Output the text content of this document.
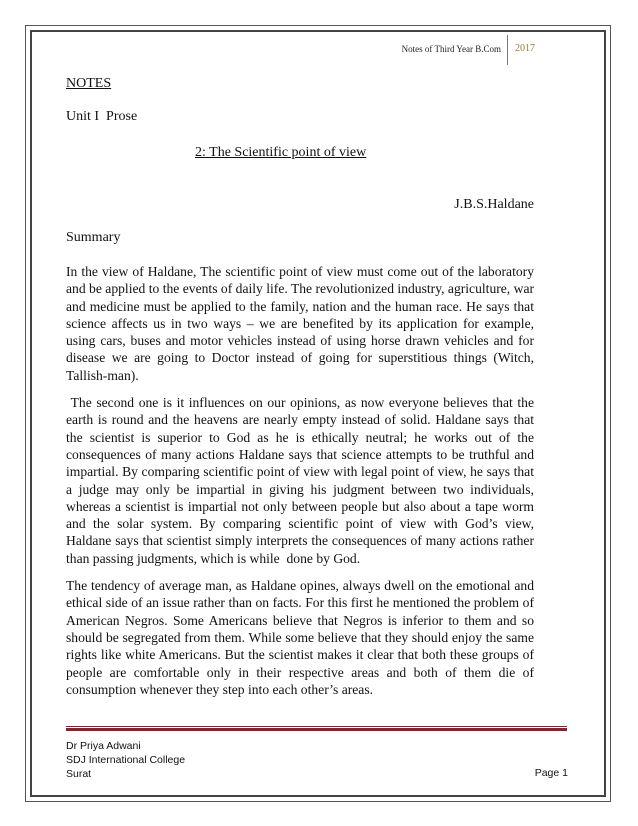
Notes of Third Year B.Com 2017
NOTES
Unit I  Prose
2: The Scientific point of view
J.B.S.Haldane
Summary

In the view of Haldane, The scientific point of view must come out of the laboratory and be applied to the events of daily life. The revolutionized industry, agriculture, war and medicine must be applied to the family, nation and the human race. He says that science affects us in two ways – we are benefited by its application for example, using cars, buses and motor vehicles instead of using horse drawn vehicles and for disease we are going to Doctor instead of going for superstitious things (Witch, Tallish-man).

The second one is it influences on our opinions, as now everyone believes that the earth is round and the heavens are nearly empty instead of solid. Haldane says that the scientist is superior to God as he is ethically neutral; he works out of the consequences of many actions Haldane says that science attempts to be truthful and impartial. By comparing scientific point of view with legal point of view, he says that a judge may only be impartial in giving his judgment between two individuals, whereas a scientist is impartial not only between people but also about a tape worm and the solar system. By comparing scientific point of view with God’s view, Haldane says that scientist simply interprets the consequences of many actions rather than passing judgments, which is while  done by God.

The tendency of average man, as Haldane opines, always dwell on the emotional and ethical side of an issue rather than on facts. For this first he mentioned the problem of American Negros. Some Americans believe that Negros is inferior to them and so should be segregated from them. While some believe that they should enjoy the same rights like white Americans. But the scientist makes it clear that both these groups of people are comfortable only in their respective areas and both of them die of consumption whenever they step into each other’s areas.

Dr Priya Adwani
SDJ International College
Surat	Page 1
